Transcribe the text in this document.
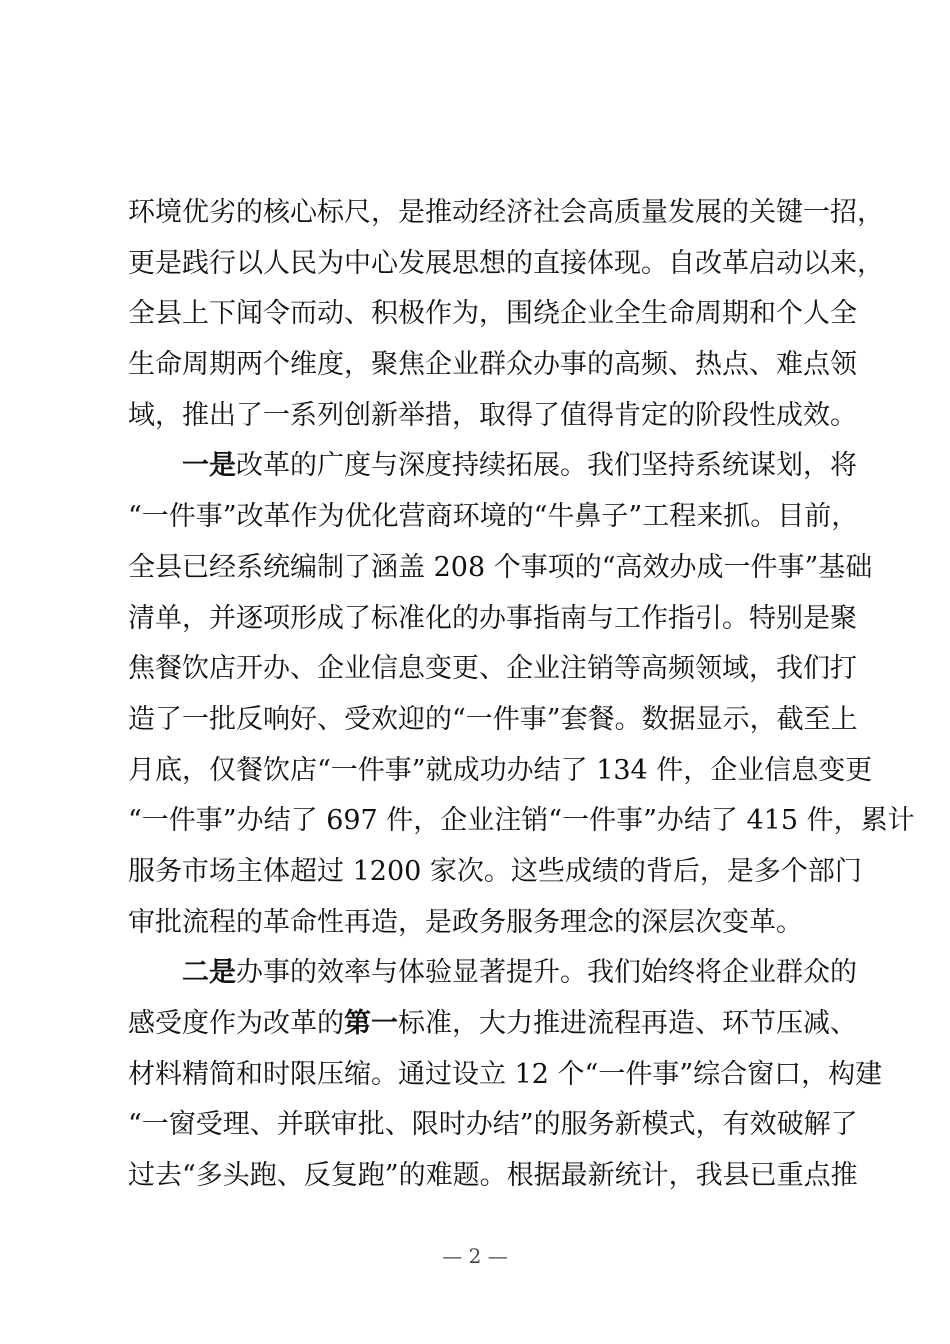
环境优劣的核心标尺，是推动经济社会高质量发展的关键一招，
更是践行以人民为中心发展思想的直接体现。自改革启动以来，
全县上下闻令而动、积极作为，围绕企业全生命周期和个人全
生命周期两个维度，聚焦企业群众办事的高频、热点、难点领
域，推出了一系列创新举措，取得了值得肯定的阶段性成效。
一是改革的广度与深度持续拓展。我们坚持系统谋划，将
“一件事”改革作为优化营商环境的“牛鼻子”工程来抓。目前，
全县已经系统编制了涵盖 208 个事项的“高效办成一件事”基础
清单，并逐项形成了标准化的办事指南与工作指引。特别是聚
焦餐饮店开办、企业信息变更、企业注销等高频领域，我们打
造了一批反响好、受欢迎的“一件事”套餐。数据显示，截至上
月底，仅餐饮店“一件事”就成功办结了 134 件，企业信息变更
“一件事”办结了 697 件，企业注销“一件事”办结了 415 件，累计
服务市场主体超过 1200 家次。这些成绩的背后，是多个部门
审批流程的革命性再造，是政务服务理念的深层次变革。
二是办事的效率与体验显著提升。我们始终将企业群众的
感受度作为改革的第一标准，大力推进流程再造、环节压减、
材料精简和时限压缩。通过设立 12 个“一件事”综合窗口，构建
“一窗受理、并联审批、限时办结”的服务新模式，有效破解了
过去“多头跑、反复跑”的难题。根据最新统计，我县已重点推
— 2 —
